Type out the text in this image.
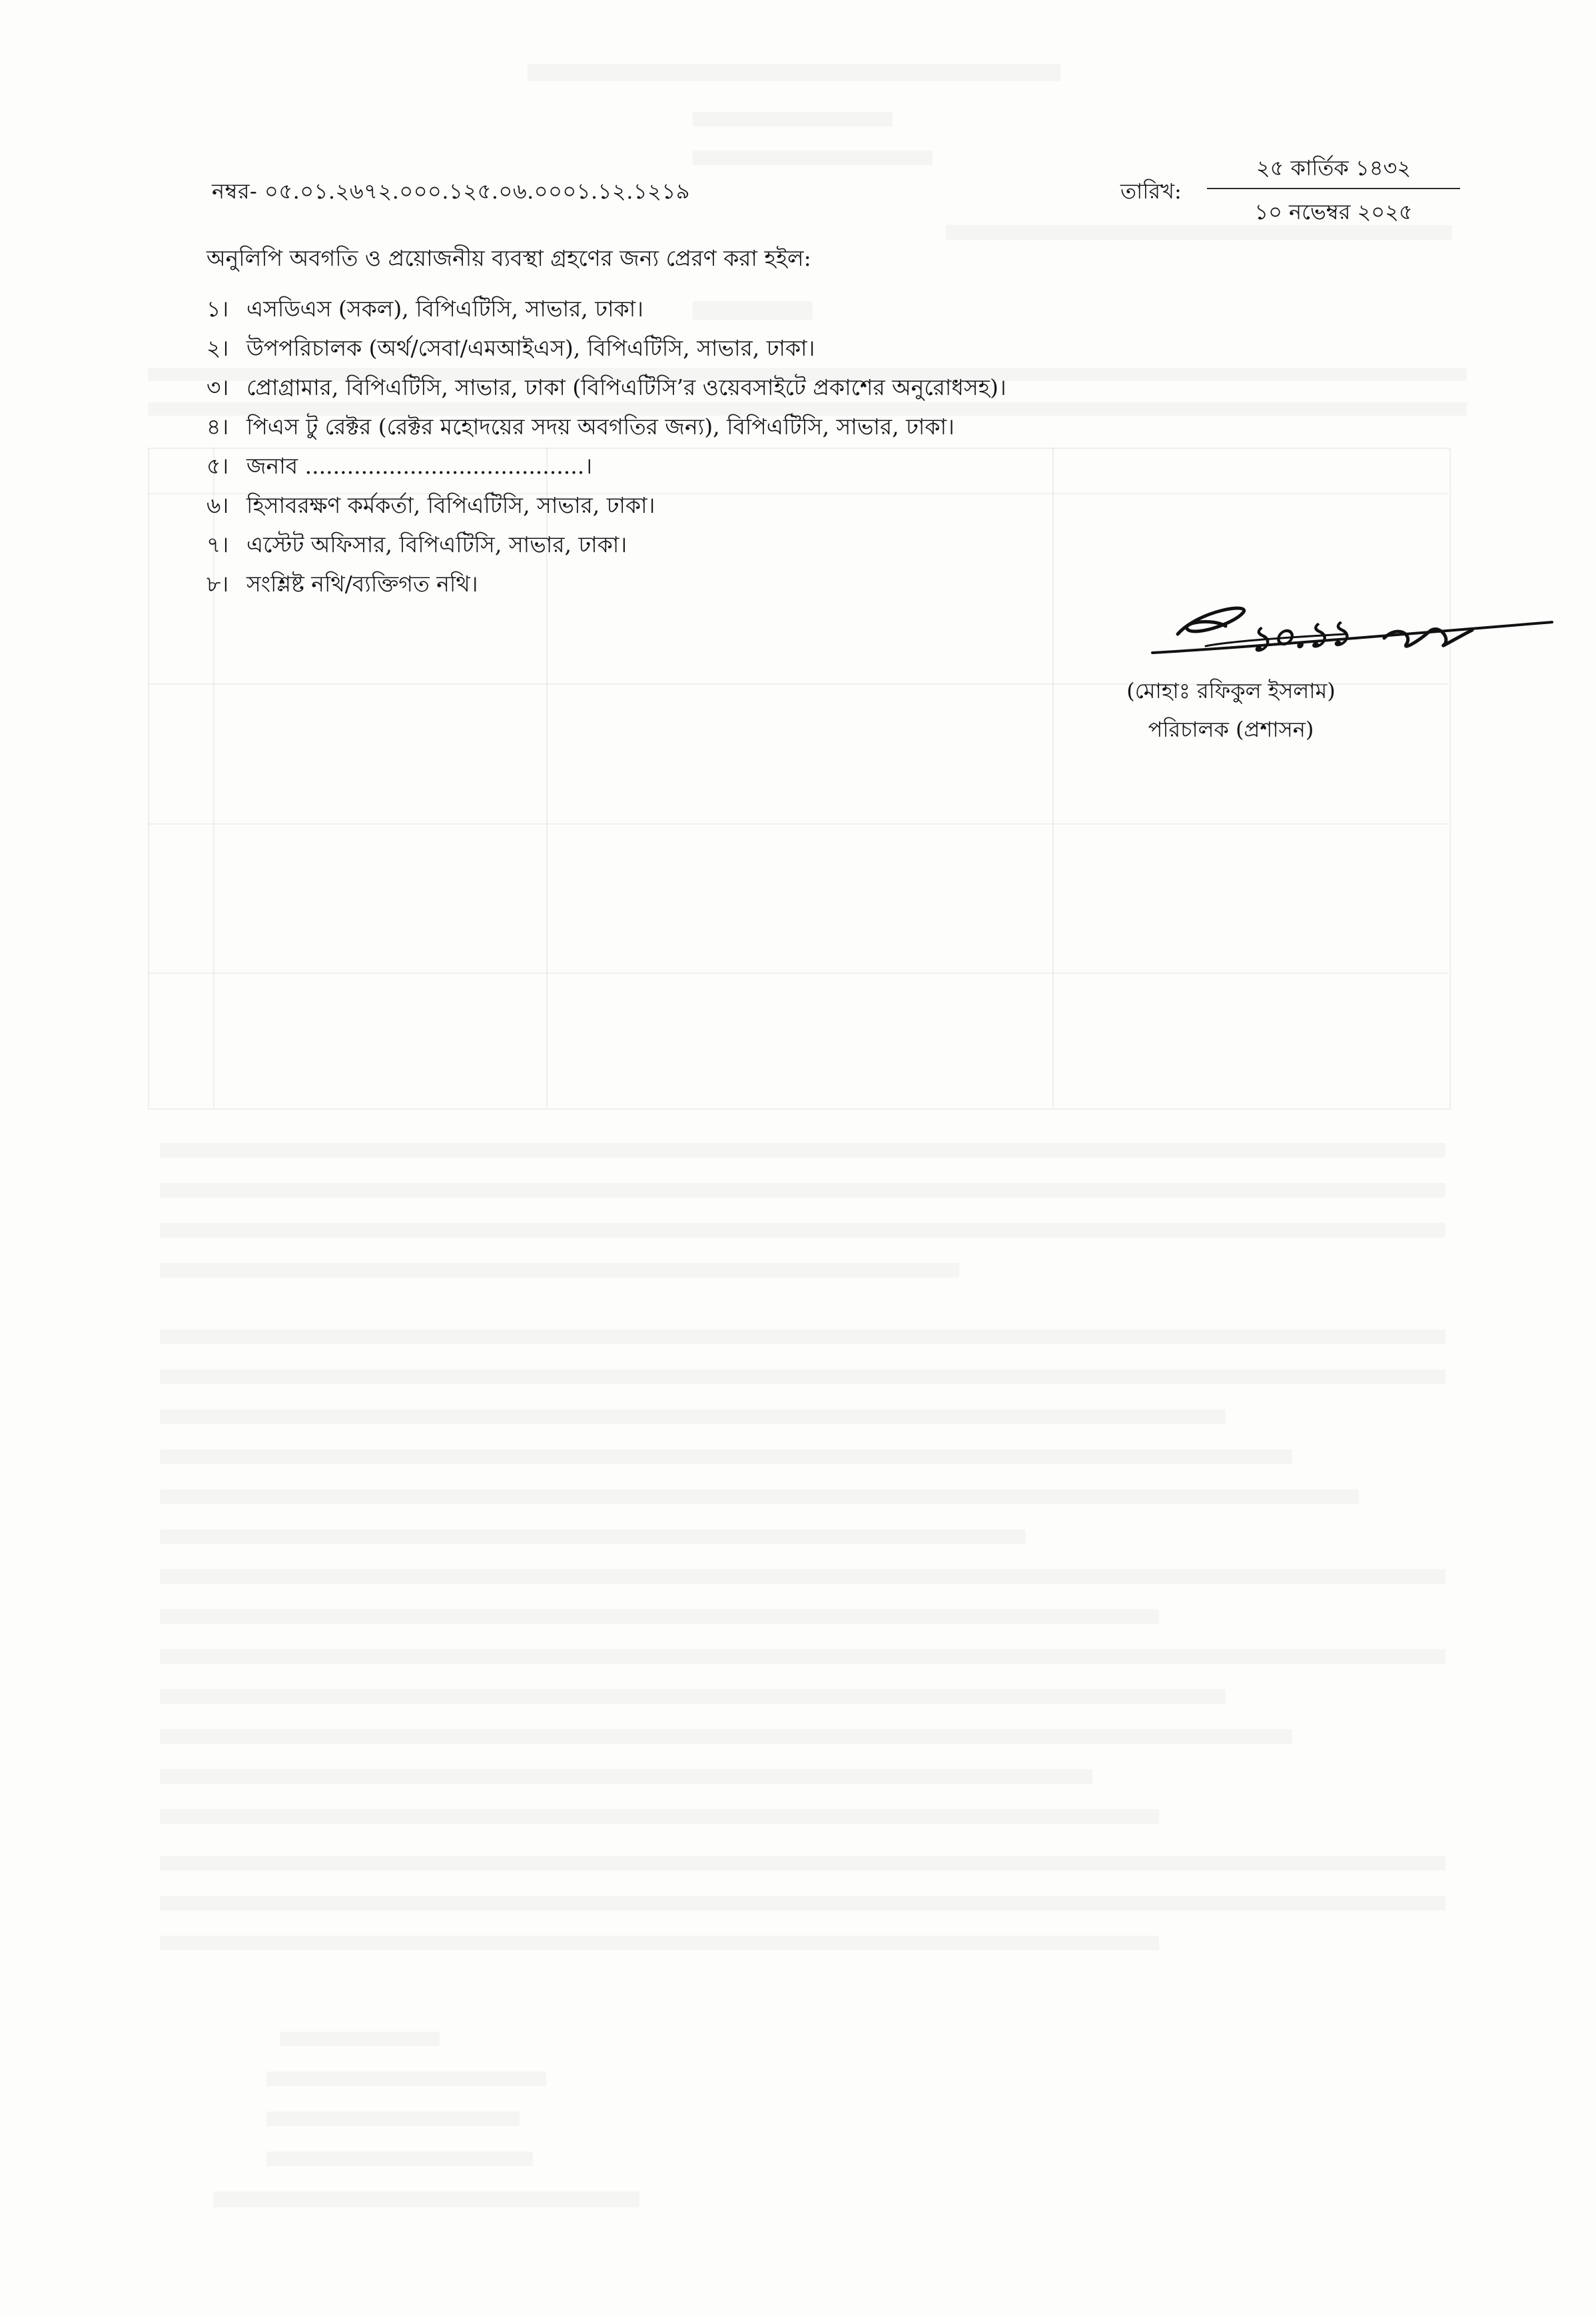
নম্বর- ০৫.০১.২৬৭২.০০০.১২৫.০৬.০০০১.১২.১২১৯	তারিখ:
২৫ কার্তিক ১৪৩২
১০ নভেম্বর ২০২৫
অনুলিপি অবগতি ও প্রয়োজনীয় ব্যবস্থা গ্রহণের জন্য প্রেরণ করা হইল:
১। এসডিএস (সকল), বিপিএটিসি, সাভার, ঢাকা।
২। উপপরিচালক (অর্থ/সেবা/এমআইএস), বিপিএটিসি, সাভার, ঢাকা।
৩। প্রোগ্রামার, বিপিএটিসি, সাভার, ঢাকা (বিপিএটিসি’র ওয়েবসাইটে প্রকাশের অনুরোধসহ)।
৪। পিএস টু রেক্টর (রেক্টর মহোদয়ের সদয় অবগতির জন্য), বিপিএটিসি, সাভার, ঢাকা।
৫। জনাব ........................................।
৬। হিসাবরক্ষণ কর্মকর্তা, বিপিএটিসি, সাভার, ঢাকা।
৭। এস্টেট অফিসার, বিপিএটিসি, সাভার, ঢাকা।
৮। সংশ্লিষ্ট নথি/ব্যক্তিগত নথি।
১০.১১
(মোহাঃ রফিকুল ইসলাম)
পরিচালক (প্রশাসন)
